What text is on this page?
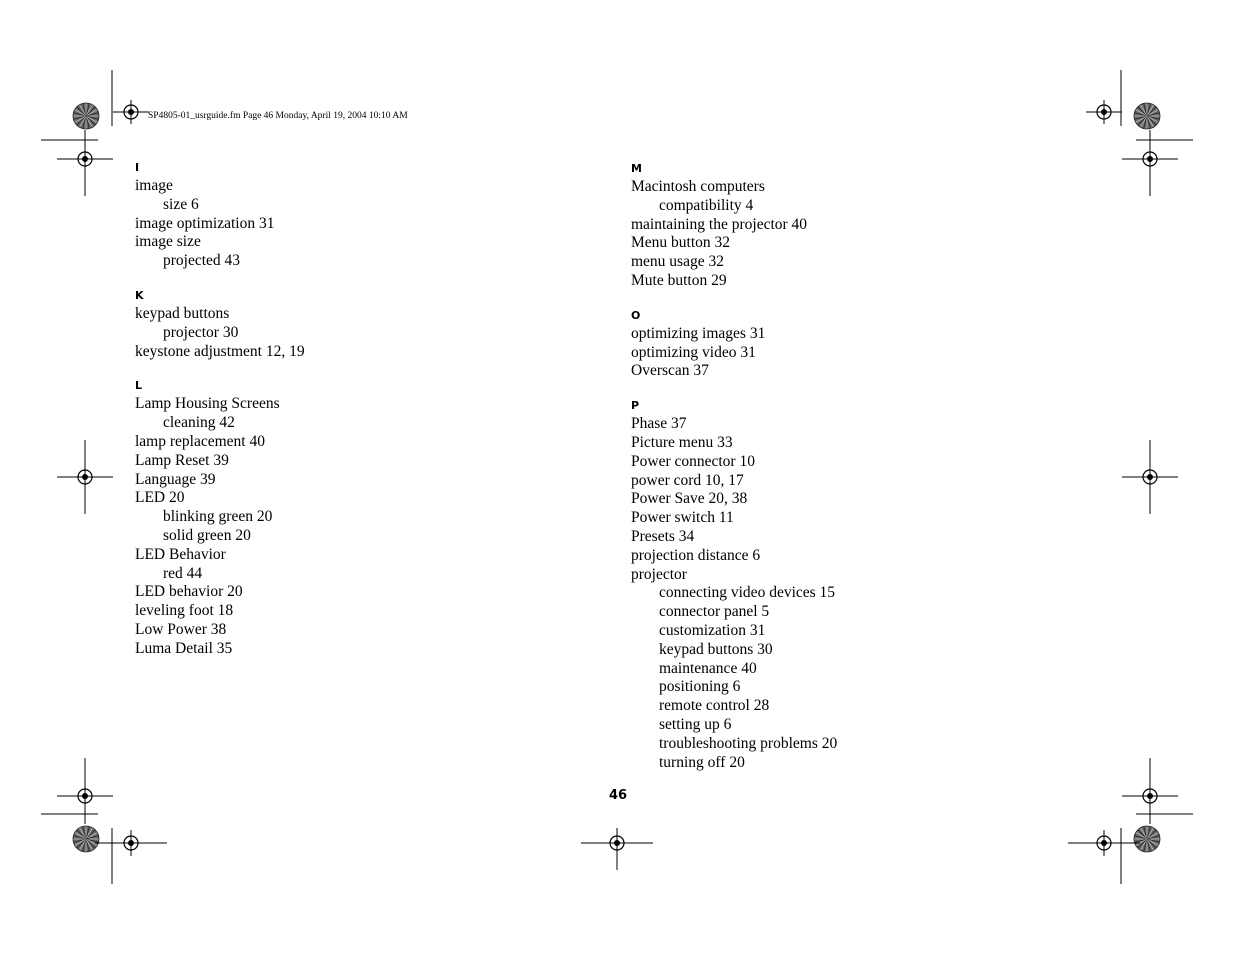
SP4805-01_usrguide.fm Page 46 Monday, April 19, 2004 10:10 AM
I
image
size 6
image optimization 31
image size
projected 43
K
keypad buttons
projector 30
keystone adjustment 12, 19
L
Lamp Housing Screens
cleaning 42
lamp replacement 40
Lamp Reset 39
Language 39
LED 20
blinking green 20
solid green 20
LED Behavior
red 44
LED behavior 20
leveling foot 18
Low Power 38
Luma Detail 35
M
Macintosh computers
compatibility 4
maintaining the projector 40
Menu button 32
menu usage 32
Mute button 29
O
optimizing images 31
optimizing video 31
Overscan 37
P
Phase 37
Picture menu 33
Power connector 10
power cord 10, 17
Power Save 20, 38
Power switch 11
Presets 34
projection distance 6
projector
connecting video devices 15
connector panel 5
customization 31
keypad buttons 30
maintenance 40
positioning 6
remote control 28
setting up 6
troubleshooting problems 20
turning off 20
46
